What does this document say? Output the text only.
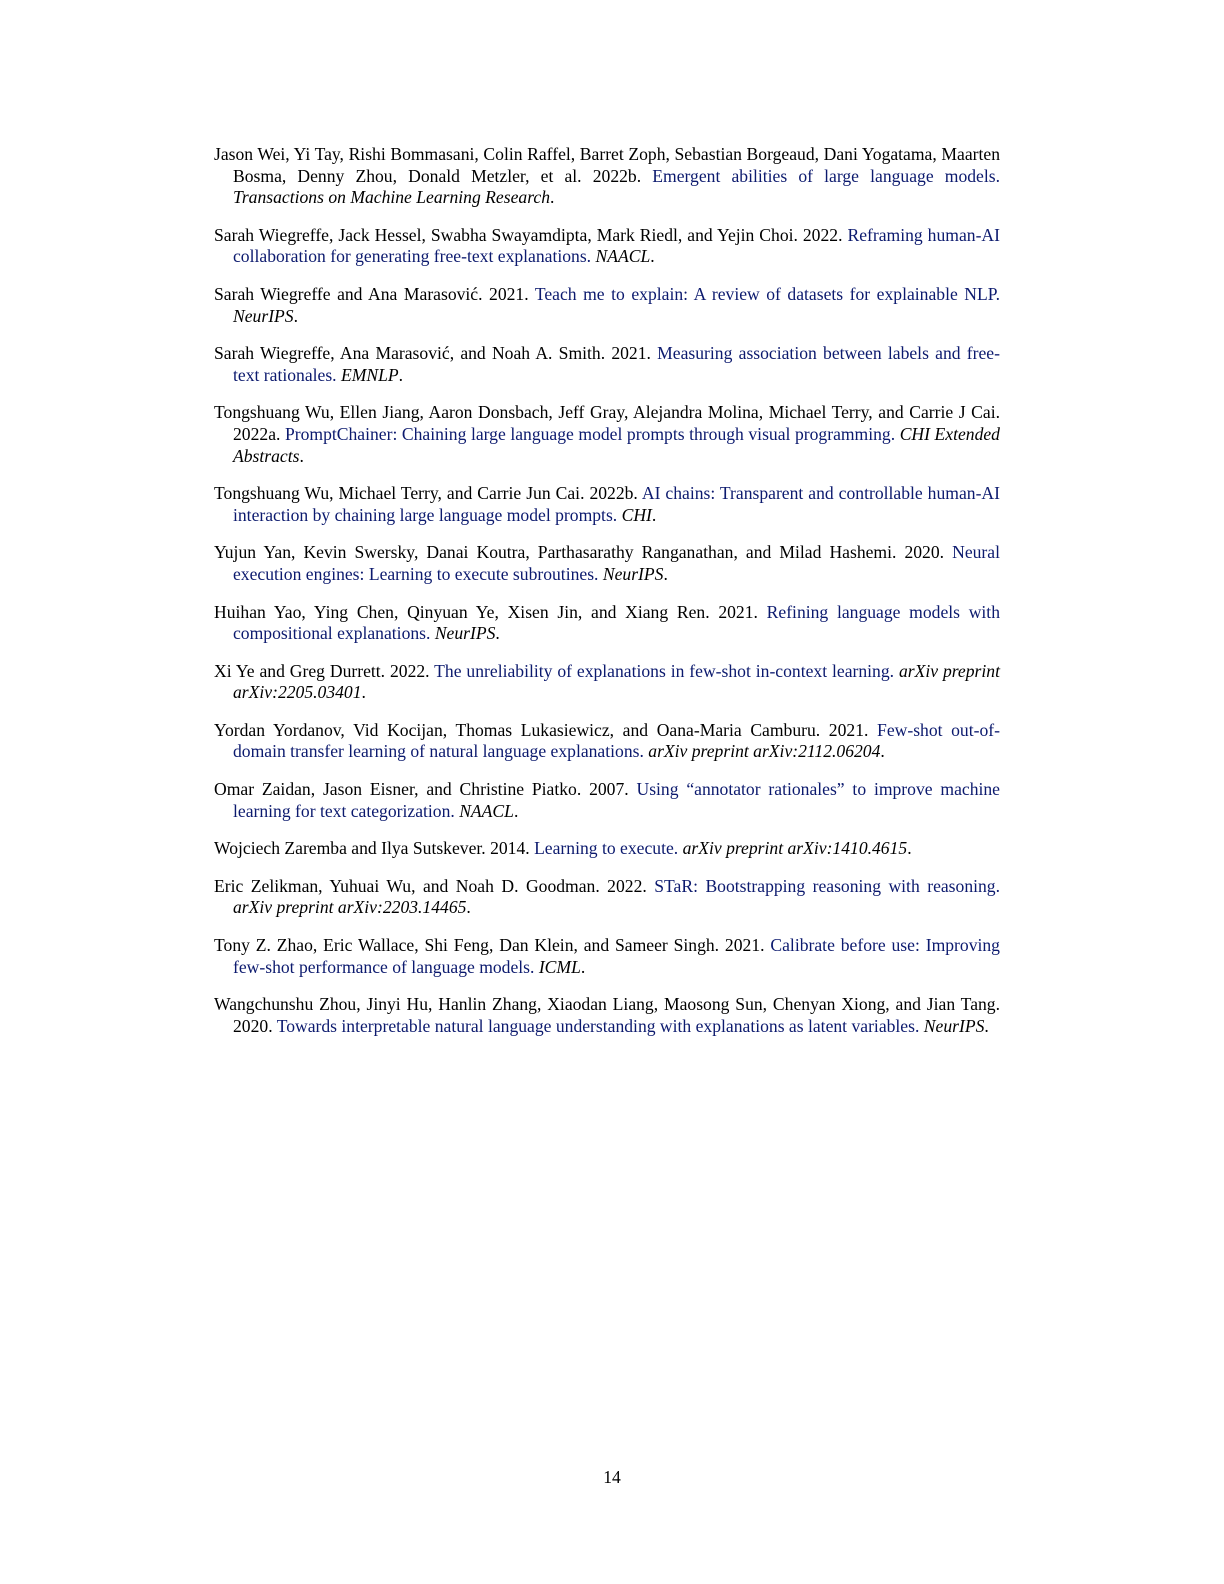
Jason Wei, Yi Tay, Rishi Bommasani, Colin Raffel, Barret Zoph, Sebastian Borgeaud, Dani Yogatama, Maarten Bosma, Denny Zhou, Donald Metzler, et al. 2022b. Emergent abilities of large language models. Transactions on Machine Learning Research.

Sarah Wiegreffe, Jack Hessel, Swabha Swayamdipta, Mark Riedl, and Yejin Choi. 2022. Reframing human-AI collaboration for generating free-text explanations. NAACL.

Sarah Wiegreffe and Ana Marasović. 2021. Teach me to explain: A review of datasets for explainable NLP. NeurIPS.

Sarah Wiegreffe, Ana Marasović, and Noah A. Smith. 2021. Measuring association between labels and free-text rationales. EMNLP.

Tongshuang Wu, Ellen Jiang, Aaron Donsbach, Jeff Gray, Alejandra Molina, Michael Terry, and Carrie J Cai. 2022a. PromptChainer: Chaining large language model prompts through visual programming. CHI Extended Abstracts.

Tongshuang Wu, Michael Terry, and Carrie Jun Cai. 2022b. AI chains: Transparent and controllable human-AI interaction by chaining large language model prompts. CHI.

Yujun Yan, Kevin Swersky, Danai Koutra, Parthasarathy Ranganathan, and Milad Hashemi. 2020. Neural execution engines: Learning to execute subroutines. NeurIPS.

Huihan Yao, Ying Chen, Qinyuan Ye, Xisen Jin, and Xiang Ren. 2021. Refining language models with compositional explanations. NeurIPS.

Xi Ye and Greg Durrett. 2022. The unreliability of explanations in few-shot in-context learning. arXiv preprint arXiv:2205.03401.

Yordan Yordanov, Vid Kocijan, Thomas Lukasiewicz, and Oana-Maria Camburu. 2021. Few-shot out-of-domain transfer learning of natural language explanations. arXiv preprint arXiv:2112.06204.

Omar Zaidan, Jason Eisner, and Christine Piatko. 2007. Using “annotator rationales” to improve machine learning for text categorization. NAACL.

Wojciech Zaremba and Ilya Sutskever. 2014. Learning to execute. arXiv preprint arXiv:1410.4615.

Eric Zelikman, Yuhuai Wu, and Noah D. Goodman. 2022. STaR: Bootstrapping reasoning with reasoning. arXiv preprint arXiv:2203.14465.

Tony Z. Zhao, Eric Wallace, Shi Feng, Dan Klein, and Sameer Singh. 2021. Calibrate before use: Improving few-shot performance of language models. ICML.

Wangchunshu Zhou, Jinyi Hu, Hanlin Zhang, Xiaodan Liang, Maosong Sun, Chenyan Xiong, and Jian Tang. 2020. Towards interpretable natural language understanding with explanations as latent variables. NeurIPS.

14
